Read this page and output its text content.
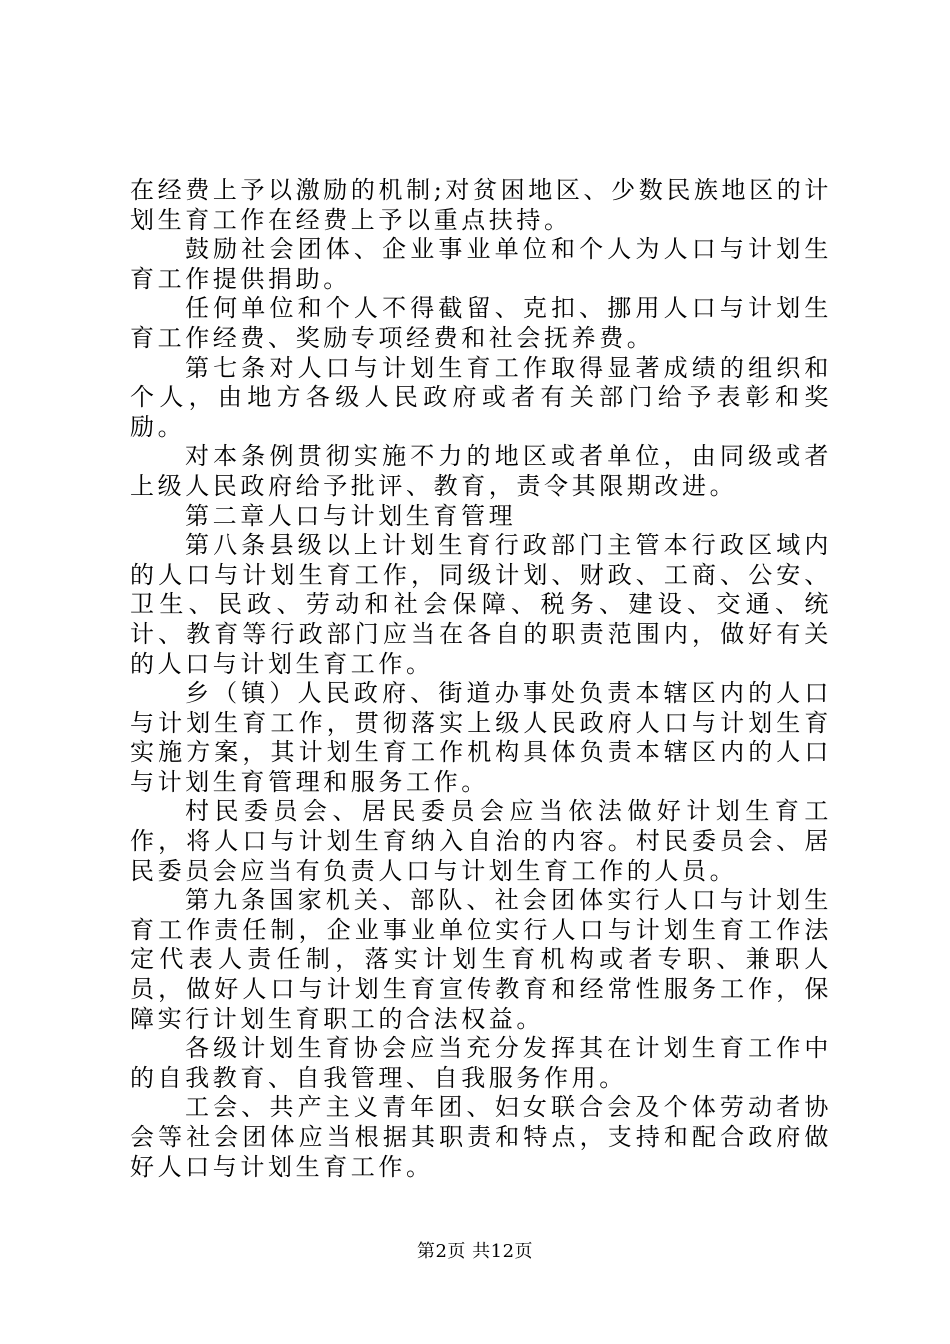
在经费上予以激励的机制;对贫困地区、少数民族地区的计划生育工作在经费上予以重点扶持。

鼓励社会团体、企业事业单位和个人为人口与计划生育工作提供捐助。

任何单位和个人不得截留、克扣、挪用人口与计划生育工作经费、奖励专项经费和社会抚养费。

第七条对人口与计划生育工作取得显著成绩的组织和个人，由地方各级人民政府或者有关部门给予表彰和奖励。

对本条例贯彻实施不力的地区或者单位，由同级或者上级人民政府给予批评、教育，责令其限期改进。

第二章人口与计划生育管理

第八条县级以上计划生育行政部门主管本行政区域内的人口与计划生育工作，同级计划、财政、工商、公安、卫生、民政、劳动和社会保障、税务、建设、交通、统计、教育等行政部门应当在各自的职责范围内，做好有关的人口与计划生育工作。

乡（镇）人民政府、街道办事处负责本辖区内的人口与计划生育工作，贯彻落实上级人民政府人口与计划生育实施方案，其计划生育工作机构具体负责本辖区内的人口与计划生育管理和服务工作。

村民委员会、居民委员会应当依法做好计划生育工作，将人口与计划生育纳入自治的内容。村民委员会、居民委员会应当有负责人口与计划生育工作的人员。

第九条国家机关、部队、社会团体实行人口与计划生育工作责任制，企业事业单位实行人口与计划生育工作法定代表人责任制，落实计划生育机构或者专职、兼职人员，做好人口与计划生育宣传教育和经常性服务工作，保障实行计划生育职工的合法权益。

各级计划生育协会应当充分发挥其在计划生育工作中的自我教育、自我管理、自我服务作用。

工会、共产主义青年团、妇女联合会及个体劳动者协会等社会团体应当根据其职责和特点，支持和配合政府做好人口与计划生育工作。

第2页 共12页
